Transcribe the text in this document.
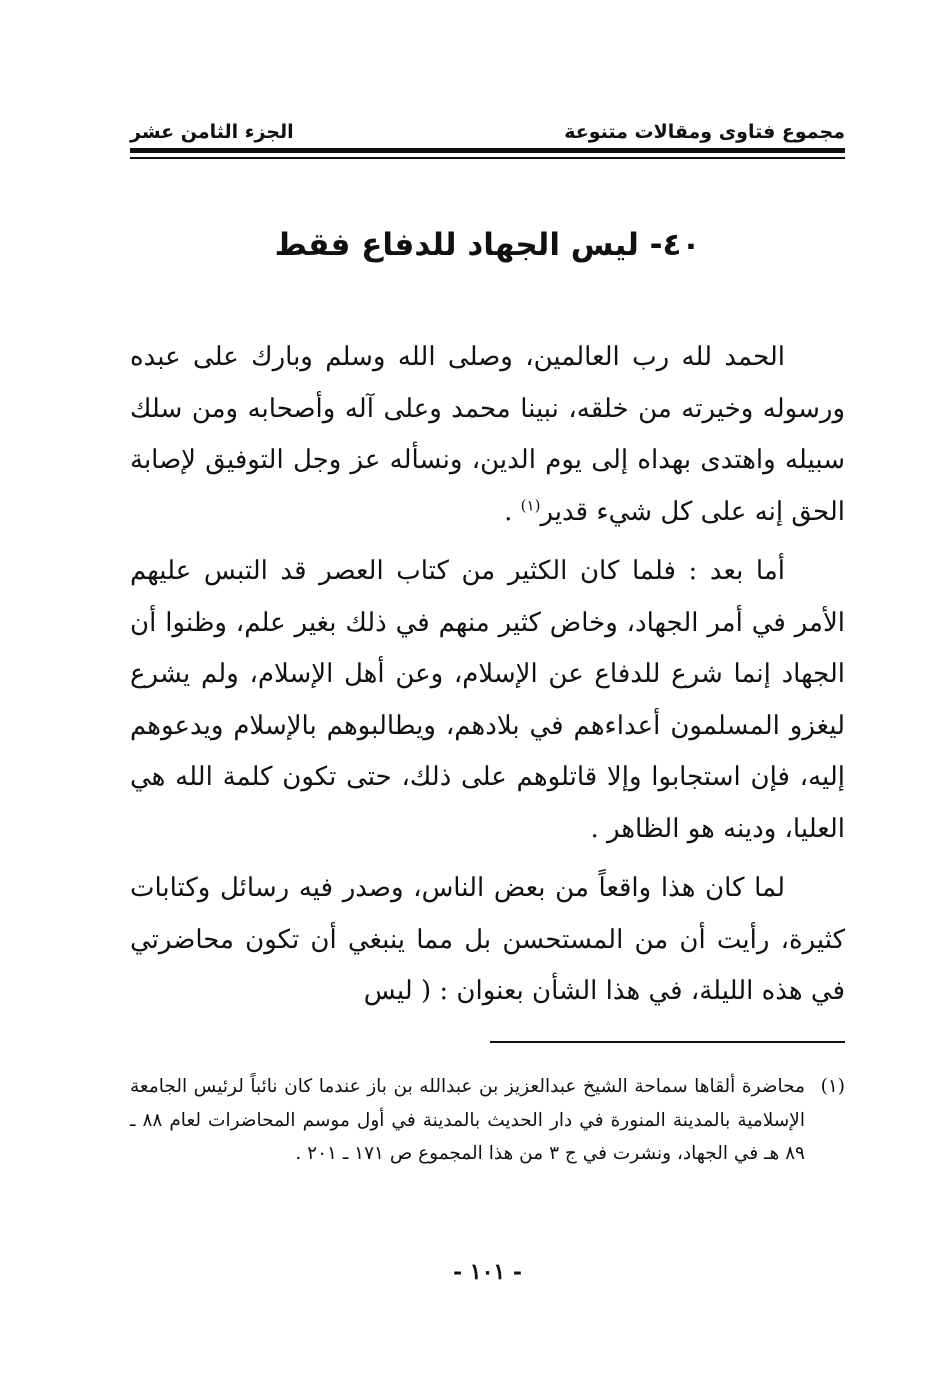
مجموع فتاوى ومقالات متنوعة
الجزء الثامن عشر
٤٠- ليس الجهاد للدفاع فقط

الحمد لله رب العالمين، وصلى الله وسلم وبارك على عبده ورسوله وخيرته من خلقه، نبينا محمد وعلى آله وأصحابه ومن سلك سبيله واهتدى بهداه إلى يوم الدين، ونسأله عز وجل التوفيق لإصابة الحق إنه على كل شيء قدير$^{(١)}$ .

أما بعد : فلما كان الكثير من كتاب العصر قد التبس عليهم الأمر في أمر الجهاد، وخاض كثير منهم في ذلك بغير علم، وظنوا أن الجهاد إنما شرع للدفاع عن الإسلام، وعن أهل الإسلام، ولم يشرع ليغزو المسلمون أعداءهم في بلادهم، ويطالبوهم بالإسلام ويدعوهم إليه، فإن استجابوا وإلا قاتلوهم على ذلك، حتى تكون كلمة الله هي العليا، ودينه هو الظاهر .

لما كان هذا واقعاً من بعض الناس، وصدر فيه رسائل وكتابات كثيرة، رأيت أن من المستحسن بل مما ينبغي أن تكون محاضرتي في هذه الليلة، في هذا الشأن بعنوان : ( ليس

(١)
محاضرة ألقاها سماحة الشيخ عبدالعزيز بن عبدالله بن باز عندما كان نائباً لرئيس الجامعة الإسلامية بالمدينة المنورة في دار الحديث بالمدينة في أول موسم المحاضرات لعام ٨٨ ـ ٨٩ هـ في الجهاد، ونشرت في ج ٣ من هذا المجموع ص ١٧١ ـ ٢٠١ .
- ١٠١ -
